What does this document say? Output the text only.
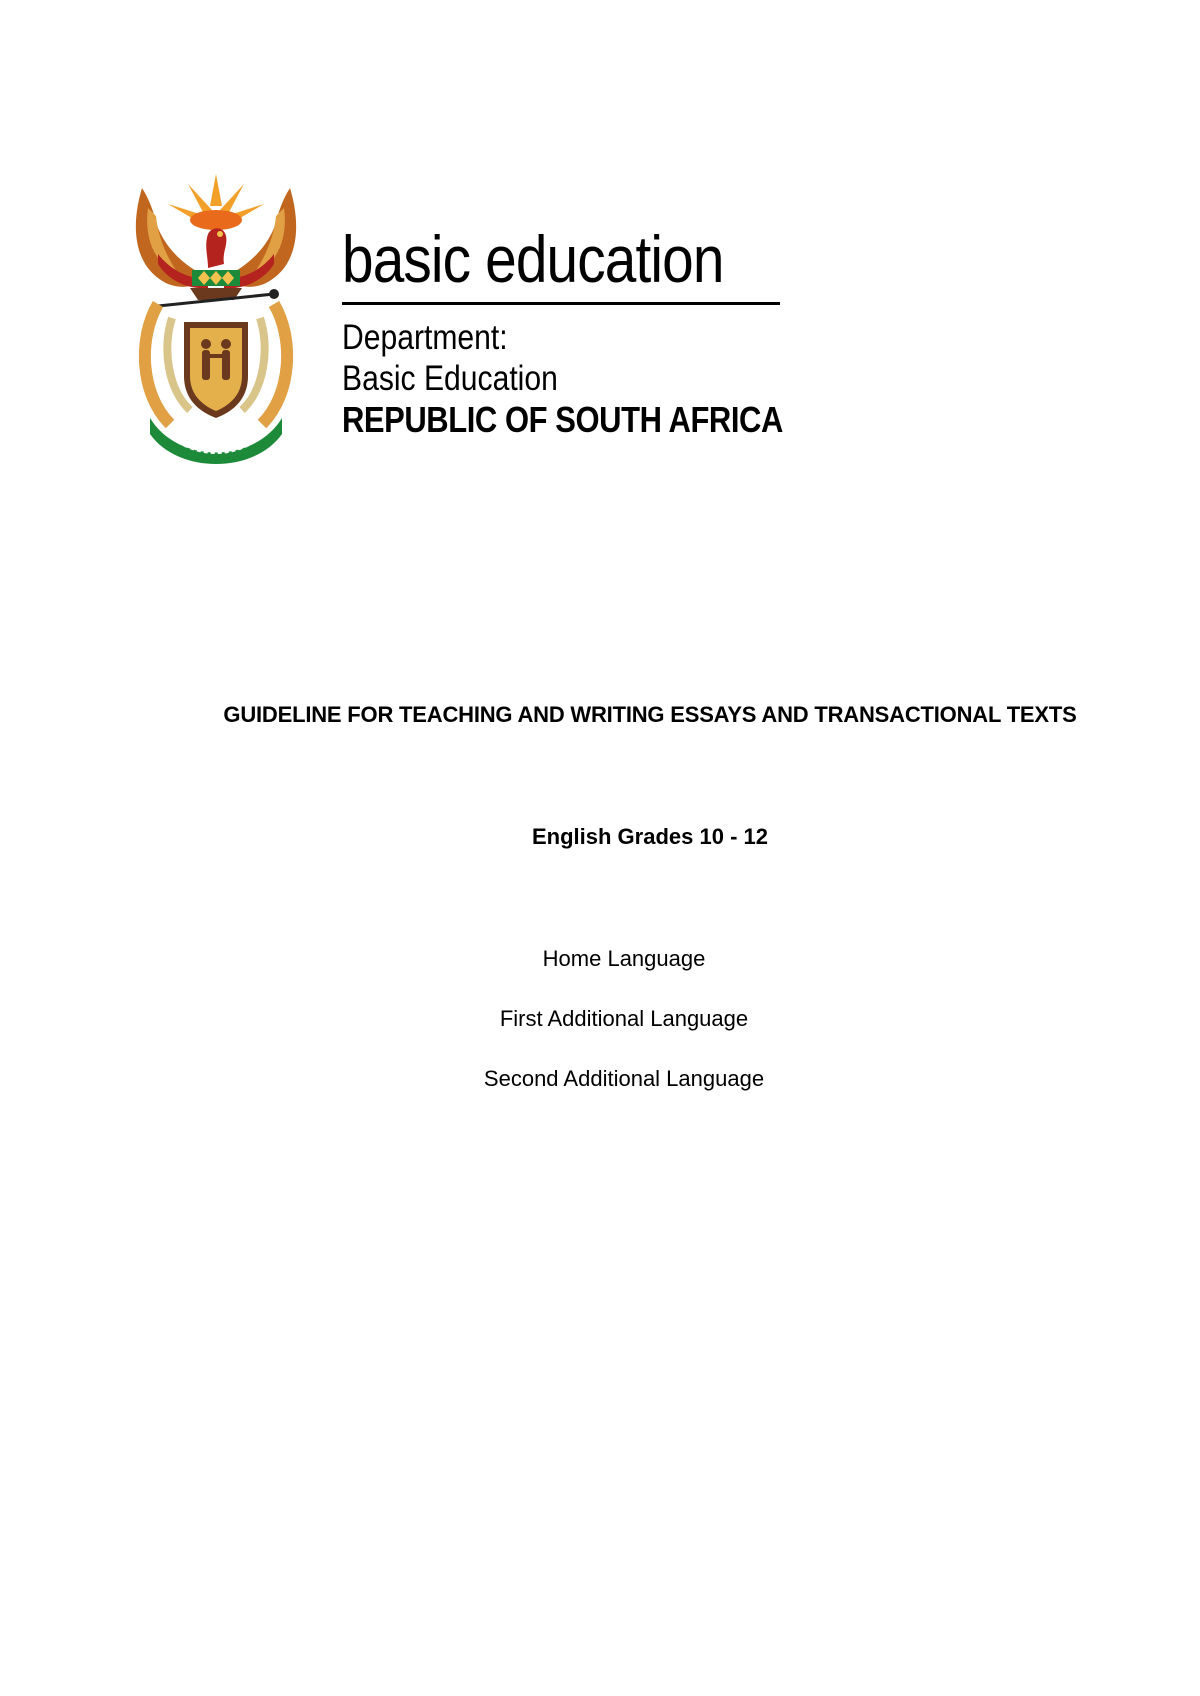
basic education
Department:
Basic Education
REPUBLIC OF SOUTH AFRICA
GUIDELINE FOR TEACHING AND WRITING ESSAYS AND TRANSACTIONAL TEXTS
English Grades 10 - 12
Home Language
First Additional Language
Second Additional Language
